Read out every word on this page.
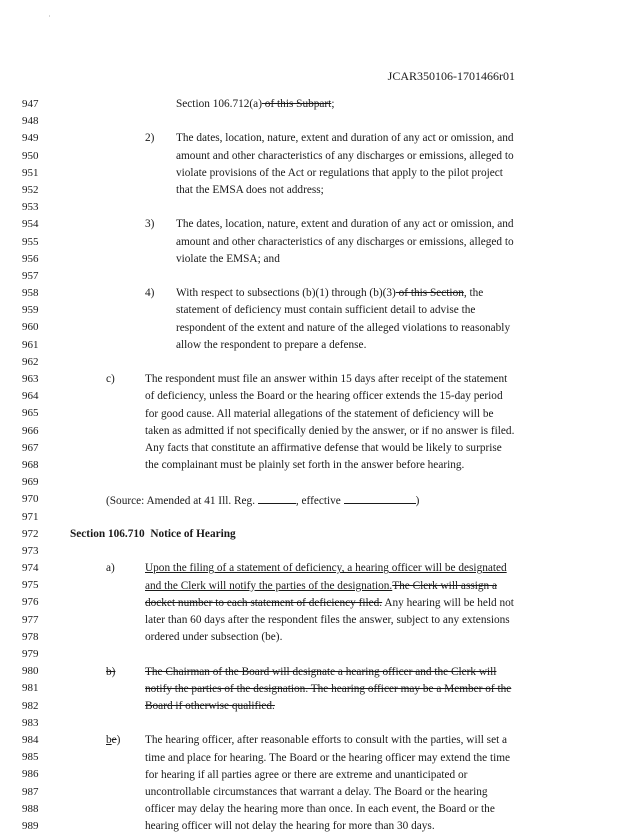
ʿ
JCAR350106-1701466r01
947
948
949
950
951
952
953
954
955
956
957
958
959
960
961
962
963
964
965
966
967
968
969
970
971
972
973
974
975
976
977
978
979
980
981
982
983
984
985
986
987
988
989
Section 106.712(a) of this Subpart;
2) The dates, location, nature, extent and duration of any act or omission, and
amount and other characteristics of any discharges or emissions, alleged to
violate provisions of the Act or regulations that apply to the pilot project
that the EMSA does not address;
3) The dates, location, nature, extent and duration of any act or omission, and
amount and other characteristics of any discharges or emissions, alleged to
violate the EMSA; and
4) With respect to subsections (b)(1) through (b)(3) of this Section, the
statement of deficiency must contain sufficient detail to advise the
respondent of the extent and nature of the alleged violations to reasonably
allow the respondent to prepare a defense.
c)	The respondent must file an answer within 15 days after receipt of the statement
of deficiency, unless the Board or the hearing officer extends the 15-day period
for good cause. All material allegations of the statement of deficiency will be
taken as admitted if not specifically denied by the answer, or if no answer is filed.
Any facts that constitute an affirmative defense that would be likely to surprise
the complainant must be plainly set forth in the answer before hearing.
(Source: Amended at 41 Ill. Reg.	, effective	)
Section 106.710 Notice of Hearing
a)	Upon the filing of a statement of deficiency, a hearing officer will be designated
and the Clerk will notify the parties of the designation.The Clerk will assign a
docket number to each statement of deficiency filed. Any hearing will be held not
later than 60 days after the respondent files the answer, subject to any extensions
ordered under subsection (be).
b)	The Chairman of the Board will designate a hearing officer and the Clerk will
notify the parties of the designation. The hearing officer may be a Member of the
Board if otherwise qualified.
be) The hearing officer, after reasonable efforts to consult with the parties, will set a
time and place for hearing. The Board or the hearing officer may extend the time
for hearing if all parties agree or there are extreme and unanticipated or
uncontrollable circumstances that warrant a delay. The Board or the hearing
officer may delay the hearing more than once. In each event, the Board or the
hearing officer will not delay the hearing for more than 30 days.
